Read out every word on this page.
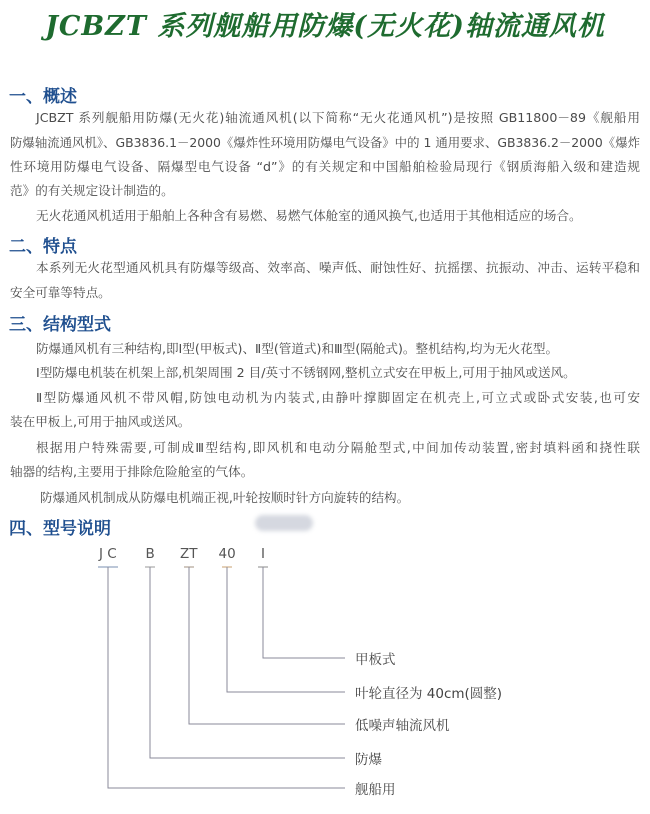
JCBZT 系列舰船用防爆(无火花)轴流通风机
一、概述
JCBZT 系列舰船用防爆(无火花)轴流通风机(以下简称“无火花通风机”)是按照 GB11800－89《舰船用
防爆轴流通风机》、GB3836.1－2000《爆炸性环境用防爆电气设备》中的 1 通用要求、GB3836.2－2000《爆炸
性环境用防爆电气设备、隔爆型电气设备 “d”》的有关规定和中国船舶检验局现行《钢质海船入级和建造规
范》的有关规定设计制造的。
无火花通风机适用于船舶上各种含有易燃、易燃气体舱室的通风换气,也适用于其他相适应的场合。
二、特点
本系列无火花型通风机具有防爆等级高、效率高、噪声低、耐蚀性好、抗摇摆、抗振动、冲击、运转平稳和
安全可靠等特点。
三、结构型式
防爆通风机有三种结构,即Ⅰ型(甲板式)、Ⅱ型(管道式)和Ⅲ型(隔舱式)。整机结构,均为无火花型。
Ⅰ型防爆电机装在机架上部,机架周围 2 目/英寸不锈钢网,整机立式安在甲板上,可用于抽风或送风。
Ⅱ型防爆通风机不带风帽,防蚀电动机为内装式,由静叶撑脚固定在机壳上,可立式或卧式安装,也可安
装在甲板上,可用于抽风或送风。
根据用户特殊需要,可制成Ⅲ型结构,即风机和电动分隔舱型式,中间加传动装置,密封填料函和挠性联
轴器的结构,主要用于排除危险舱室的气体。
防爆通风机制成从防爆电机端正视,叶轮按顺时针方向旋转的结构。
四、型号说明
J C B ZT 40 Ⅰ
甲板式
叶轮直径为 40cm(圆整)
低噪声轴流风机
防爆
舰船用
